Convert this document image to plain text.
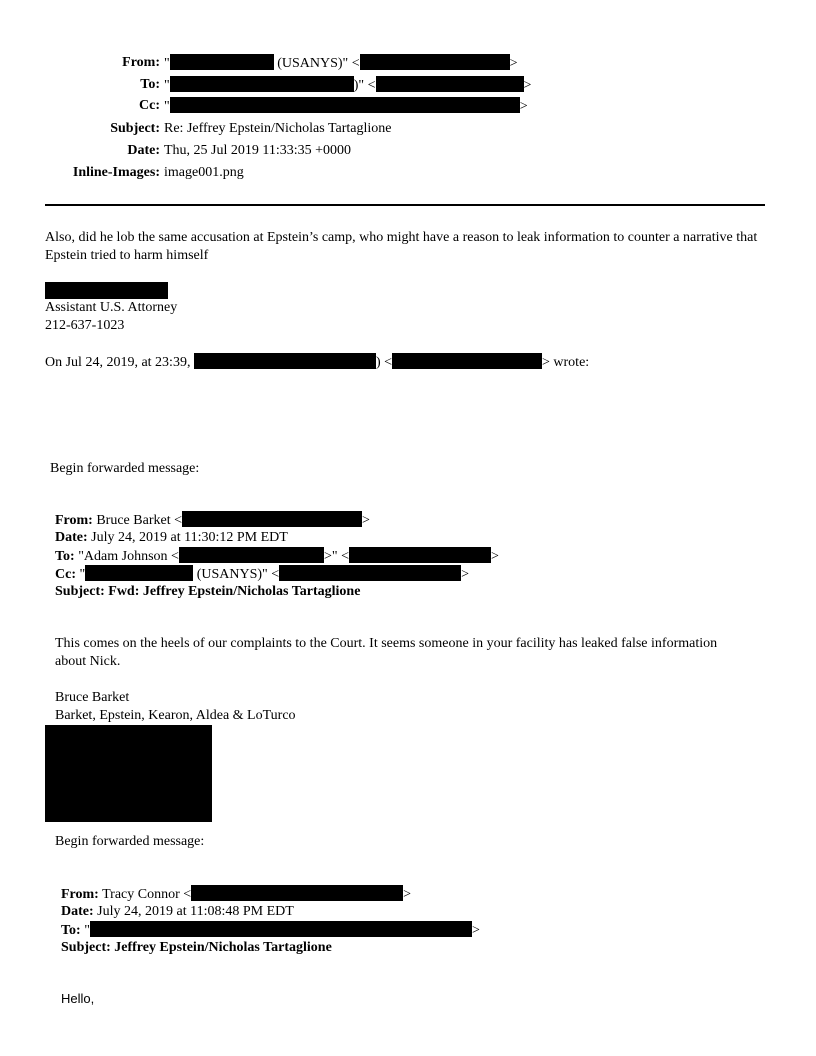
From: "	(USANYS)" <	>
To: "	)" <	>
Cc: "	>
Subject: Re: Jeffrey Epstein/Nicholas Tartaglione
Date: Thu, 25 Jul 2019 11:33:35 +0000
Inline-Images: image001.png
Also, did he lob the same accusation at Epstein’s camp, who might have a reason to leak information to counter a narrative that Epstein tried to harm himself
Assistant U.S. Attorney
212-637-1023
On Jul 24, 2019, at 23:39,	) <	> wrote:
Begin forwarded message:
From: Bruce Barket <	>
Date: July 24, 2019 at 11:30:12 PM EDT
To: "Adam Johnson <	>" <	>
Cc: "	(USANYS)" <	>
Subject: Fwd: Jeffrey Epstein/Nicholas Tartaglione
This comes on the heels of our complaints to the Court. It seems someone in your facility has leaked false information about Nick.
Bruce Barket
Barket, Epstein, Kearon, Aldea & LoTurco
Begin forwarded message:
From: Tracy Connor <	>
Date: July 24, 2019 at 11:08:48 PM EDT
To: "	>
Subject: Jeffrey Epstein/Nicholas Tartaglione
Hello,
